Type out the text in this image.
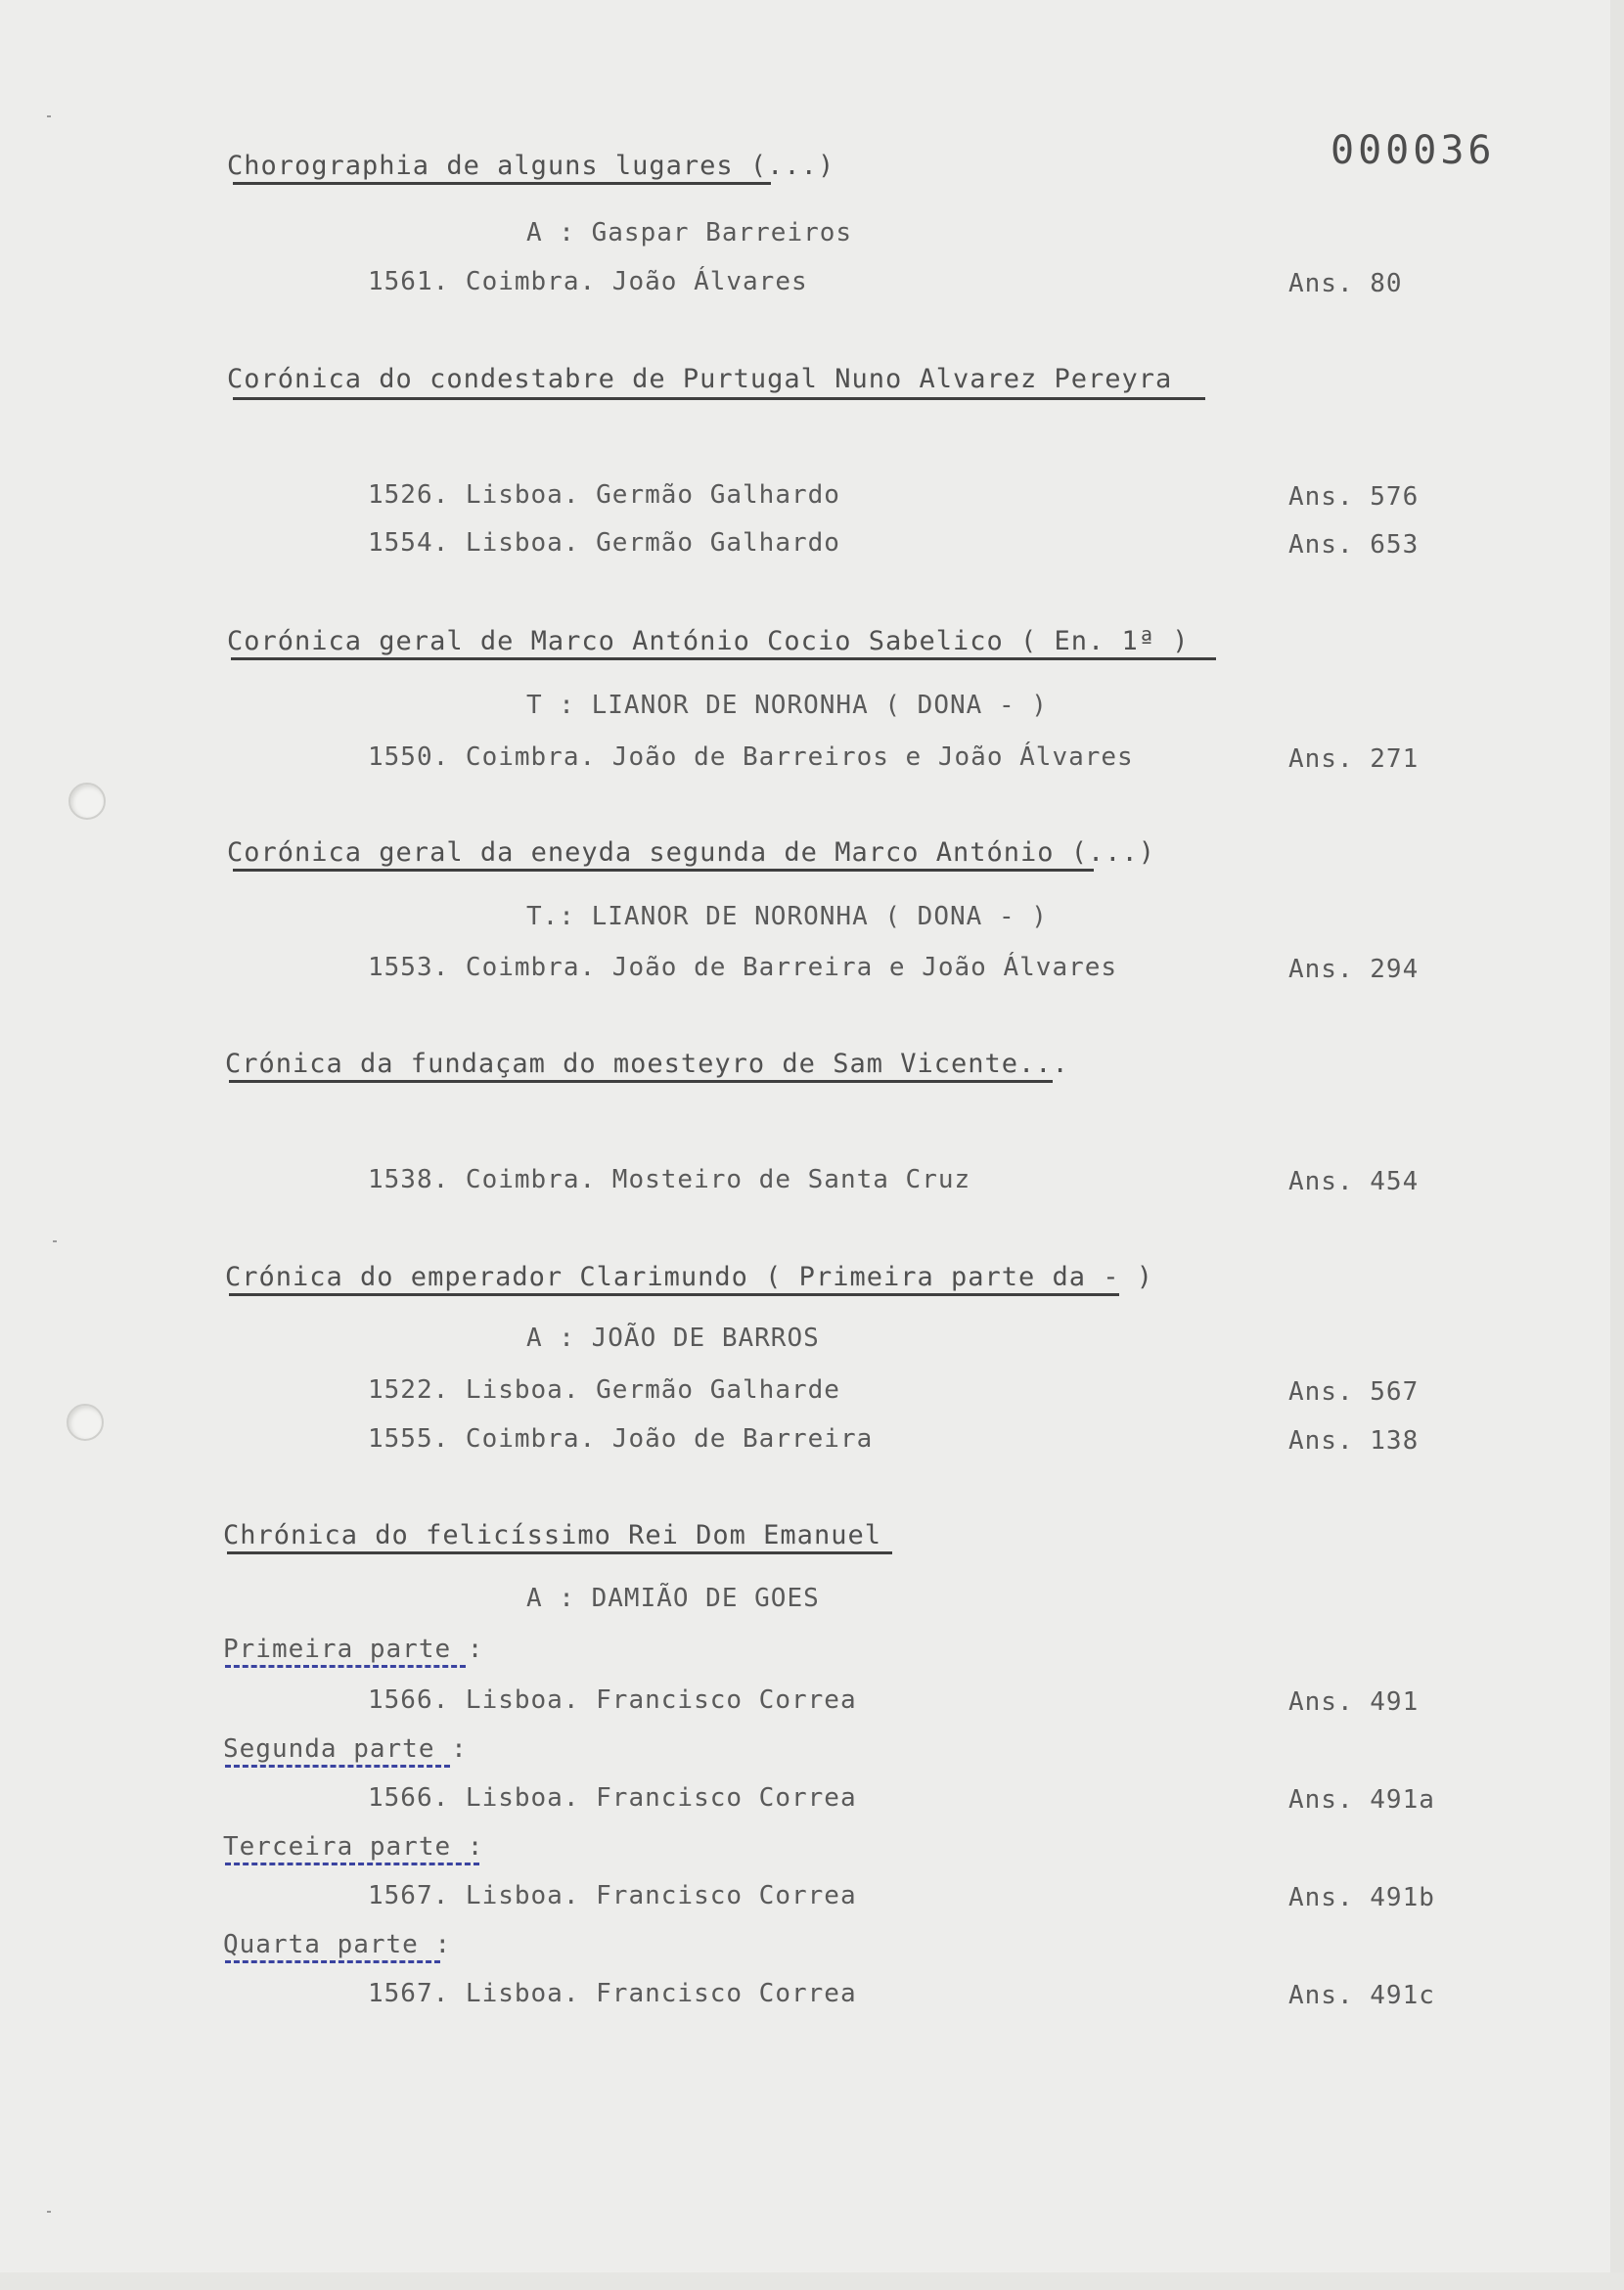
000036
Chorographia de alguns lugares (...)
A : Gaspar Barreiros
1561. Coimbra. João Álvares	Ans. 80
Corónica do condestabre de Purtugal Nuno Alvarez Pereyra
1526. Lisboa. Germão Galhardo	Ans. 576
1554. Lisboa. Germão Galhardo	Ans. 653
Corónica geral de Marco António Cocio Sabelico ( En. 1ª )
T : LIANOR DE NORONHA ( DONA - )
1550. Coimbra. João de Barreiros e João Álvares	Ans. 271
Corónica geral da eneyda segunda de Marco António (...)
T.: LIANOR DE NORONHA ( DONA - )
1553. Coimbra. João de Barreira e João Álvares	Ans. 294
Crónica da fundaçam do moesteyro de Sam Vicente...
1538. Coimbra. Mosteiro de Santa Cruz	Ans. 454
Crónica do emperador Clarimundo ( Primeira parte da - )
A : JOÃO DE BARROS
1522. Lisboa. Germão Galharde	Ans. 567
1555. Coimbra. João de Barreira	Ans. 138
Chrónica do felicíssimo Rei Dom Emanuel
A : DAMIÃO DE GOES
Primeira parte :
1566. Lisboa. Francisco Correa	Ans. 491
Segunda parte :
1566. Lisboa. Francisco Correa	Ans. 491a
Terceira parte :
1567. Lisboa. Francisco Correa	Ans. 491b
Quarta parte :
1567. Lisboa. Francisco Correa	Ans. 491c
